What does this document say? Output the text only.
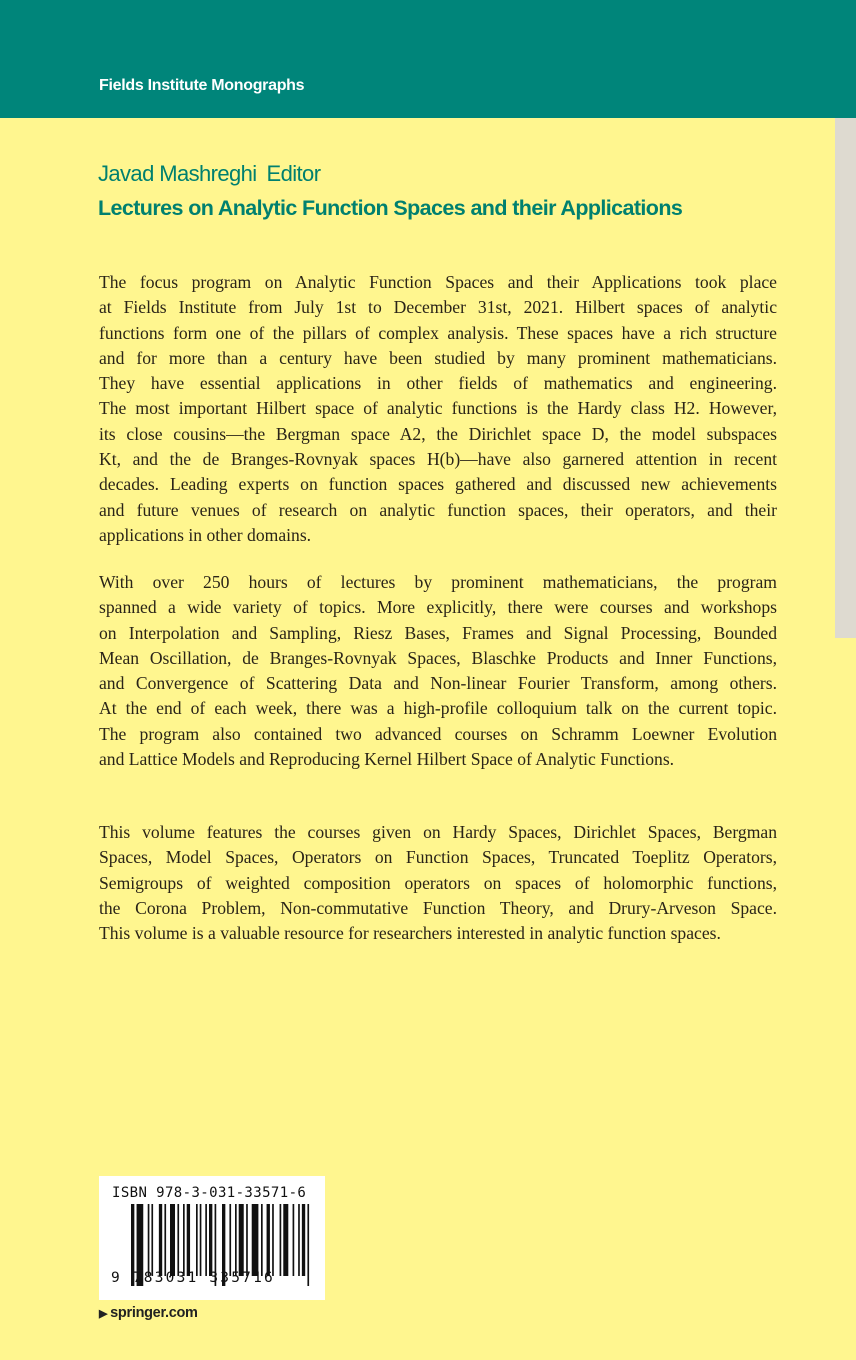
Fields Institute Monographs
Javad Mashreghi Editor
Lectures on Analytic Function Spaces and their Applications
The focus program on Analytic Function Spaces and their Applications took place
at Fields Institute from July 1st to December 31st, 2021. Hilbert spaces of analytic
functions form one of the pillars of complex analysis. These spaces have a rich structure
and for more than a century have been studied by many prominent mathematicians.
They have essential applications in other fields of mathematics and engineering.
The most important Hilbert space of analytic functions is the Hardy class H2. However,
its close cousins—the Bergman space A2, the Dirichlet space D, the model subspaces
Kt, and the de Branges-Rovnyak spaces H(b)—have also garnered attention in recent
decades. Leading experts on function spaces gathered and discussed new achievements
and future venues of research on analytic function spaces, their operators, and their
applications in other domains.
With over 250 hours of lectures by prominent mathematicians, the program
spanned a wide variety of topics. More explicitly, there were courses and workshops
on Interpolation and Sampling, Riesz Bases, Frames and Signal Processing, Bounded
Mean Oscillation, de Branges-Rovnyak Spaces, Blaschke Products and Inner Functions,
and Convergence of Scattering Data and Non-linear Fourier Transform, among others.
At the end of each week, there was a high-profile colloquium talk on the current topic.
The program also contained two advanced courses on Schramm Loewner Evolution
and Lattice Models and Reproducing Kernel Hilbert Space of Analytic Functions.
This volume features the courses given on Hardy Spaces, Dirichlet Spaces, Bergman
Spaces, Model Spaces, Operators on Function Spaces, Truncated Toeplitz Operators,
Semigroups of weighted composition operators on spaces of holomorphic functions,
the Corona Problem, Non-commutative Function Theory, and Drury-Arveson Space.
This volume is a valuable resource for researchers interested in analytic function spaces.
ISBN 978-3-031-33571-6
9 783031 335716
▶ springer.com
